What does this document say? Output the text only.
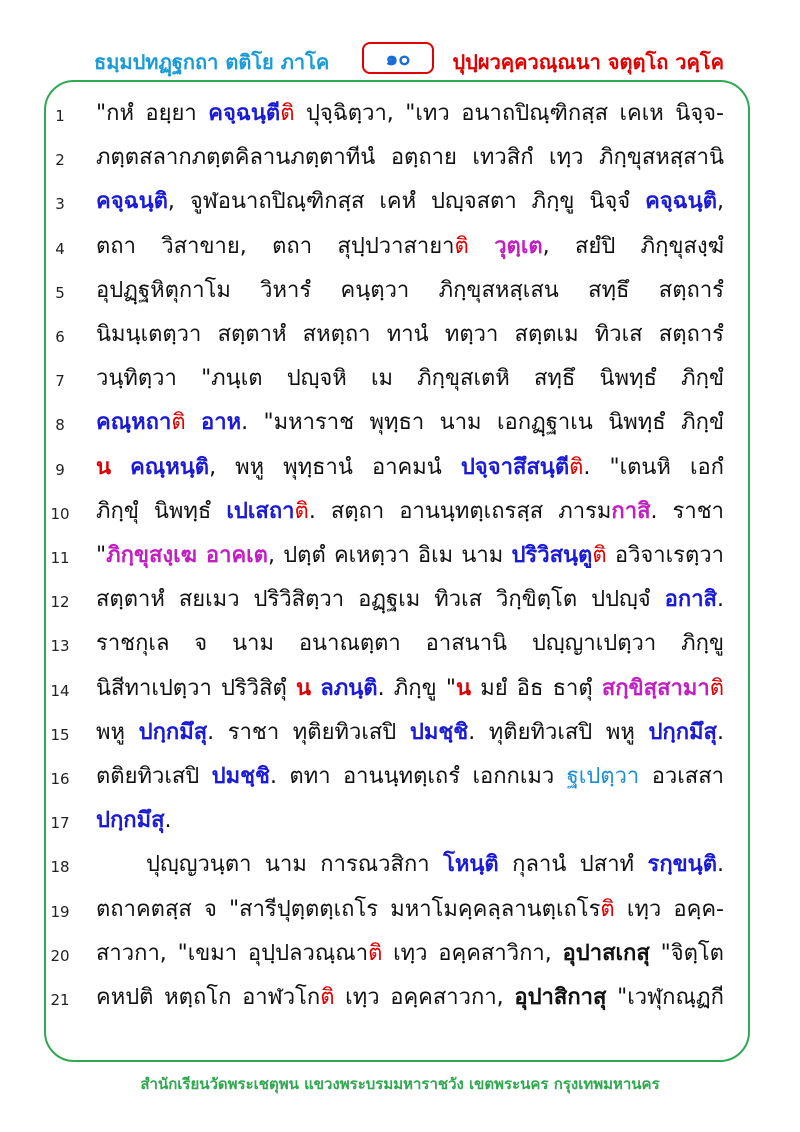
ธมฺมปทฏฺฐกถา ตติโย ภาโค	๑๐	ปุปฺผวคฺควณฺณนา จตุตฺโถ วคฺโค
1	"กหํ อยฺยา คจฺฉนฺตีติ ปุจฺฉิตฺวา, "เทว อนาถปิณฺฑิกสฺส เคเห นิจฺจ-
2	ภตฺตสลากภตฺตคิลานภตฺตาทีนํ อตฺถาย เทวสิกํ เทฺว ภิกฺขุสหสฺสานิ
3	คจฺฉนฺติ, จูฬอนาถปิณฺฑิกสฺส เคหํ ปญฺจสตา ภิกฺขู นิจฺจํ คจฺฉนฺติ,
4	ตถา วิสาขาย, ตถา สุปฺปวาสายาติ วุตฺเต, สยํปิ ภิกฺขุสงฺฆํ
5	อุปฏฺฐหิตุกาโม วิหารํ คนฺตฺวา ภิกฺขุสหสฺเสน สทฺธึ สตฺถารํ
6	นิมนฺเตตฺวา สตฺตาหํ สหตฺถา ทานํ ทตฺวา สตฺตเม ทิวเส สตฺถารํ
7	วนฺทิตฺวา "ภนฺเต ปญฺจหิ เม ภิกฺขุสเตหิ สทฺธึ นิพทฺธํ ภิกฺขํ
8	คณฺหถาติ อาห. "มหาราช พุทฺธา นาม เอกฏฺฐาเน นิพทฺธํ ภิกฺขํ
9	น คณฺหนฺติ, พหู พุทฺธานํ อาคมนํ ปจฺจาสึสนฺตีติ. "เตนหิ เอกํ
10 ภิกฺขุํ นิพทฺธํ เปเสถาติ. สตฺถา อานนฺทตฺเถรสฺส ภารมกาสิ. ราชา
11 "ภิกฺขุสงฺเฆ อาคเต, ปตฺตํ คเหตฺวา อิเม นาม ปริวิสนฺตูติ อวิจาเรตฺวา
12 สตฺตาหํ สยเมว ปริวิสิตฺวา อฏฺฐเม ทิวเส วิกฺขิตฺโต ปปญฺจํ อกาสิ.
13 ราชกุเล จ นาม อนาณตฺตา อาสนานิ ปญฺญาเปตฺวา ภิกฺขู
14 นิสีทาเปตฺวา ปริวิสิตุํ น ลภนฺติ. ภิกฺขู "น มยํ อิธ ธาตุํ สกฺขิสฺสามาติ
15 พหู ปกฺกมึสุ. ราชา ทุติยทิวเสปิ ปมชฺชิ. ทุติยทิวเสปิ พหู ปกฺกมึสุ.
16 ตติยทิวเสปิ ปมชฺชิ. ตทา อานนฺทตฺเถรํ เอกกเมว ฐเปตฺวา อวเสสา
17 ปกฺกมึสุ.
18	ปุญฺญวนฺตา นาม การณวสิกา โหนฺติ กุลานํ ปสาทํ รกฺขนฺติ.
19 ตถาคตสฺส จ "สารีปุตฺตตฺเถโร มหาโมคฺคลฺลานตฺเถโรติ เทฺว อคฺค-
20 สาวกา, "เขมา อุปฺปลวณฺณาติ เทฺว อคฺคสาวิกา, อุปาสเกสุ "จิตฺโต
21 คหปติ หตฺถโก อาฬวโกติ เทฺว อคฺคสาวกา, อุปาสิกาสุ "เวฬุกณฺฏกี
สำนักเรียนวัดพระเชตุพน แขวงพระบรมมหาราชวัง เขตพระนคร กรุงเทพมหานคร
